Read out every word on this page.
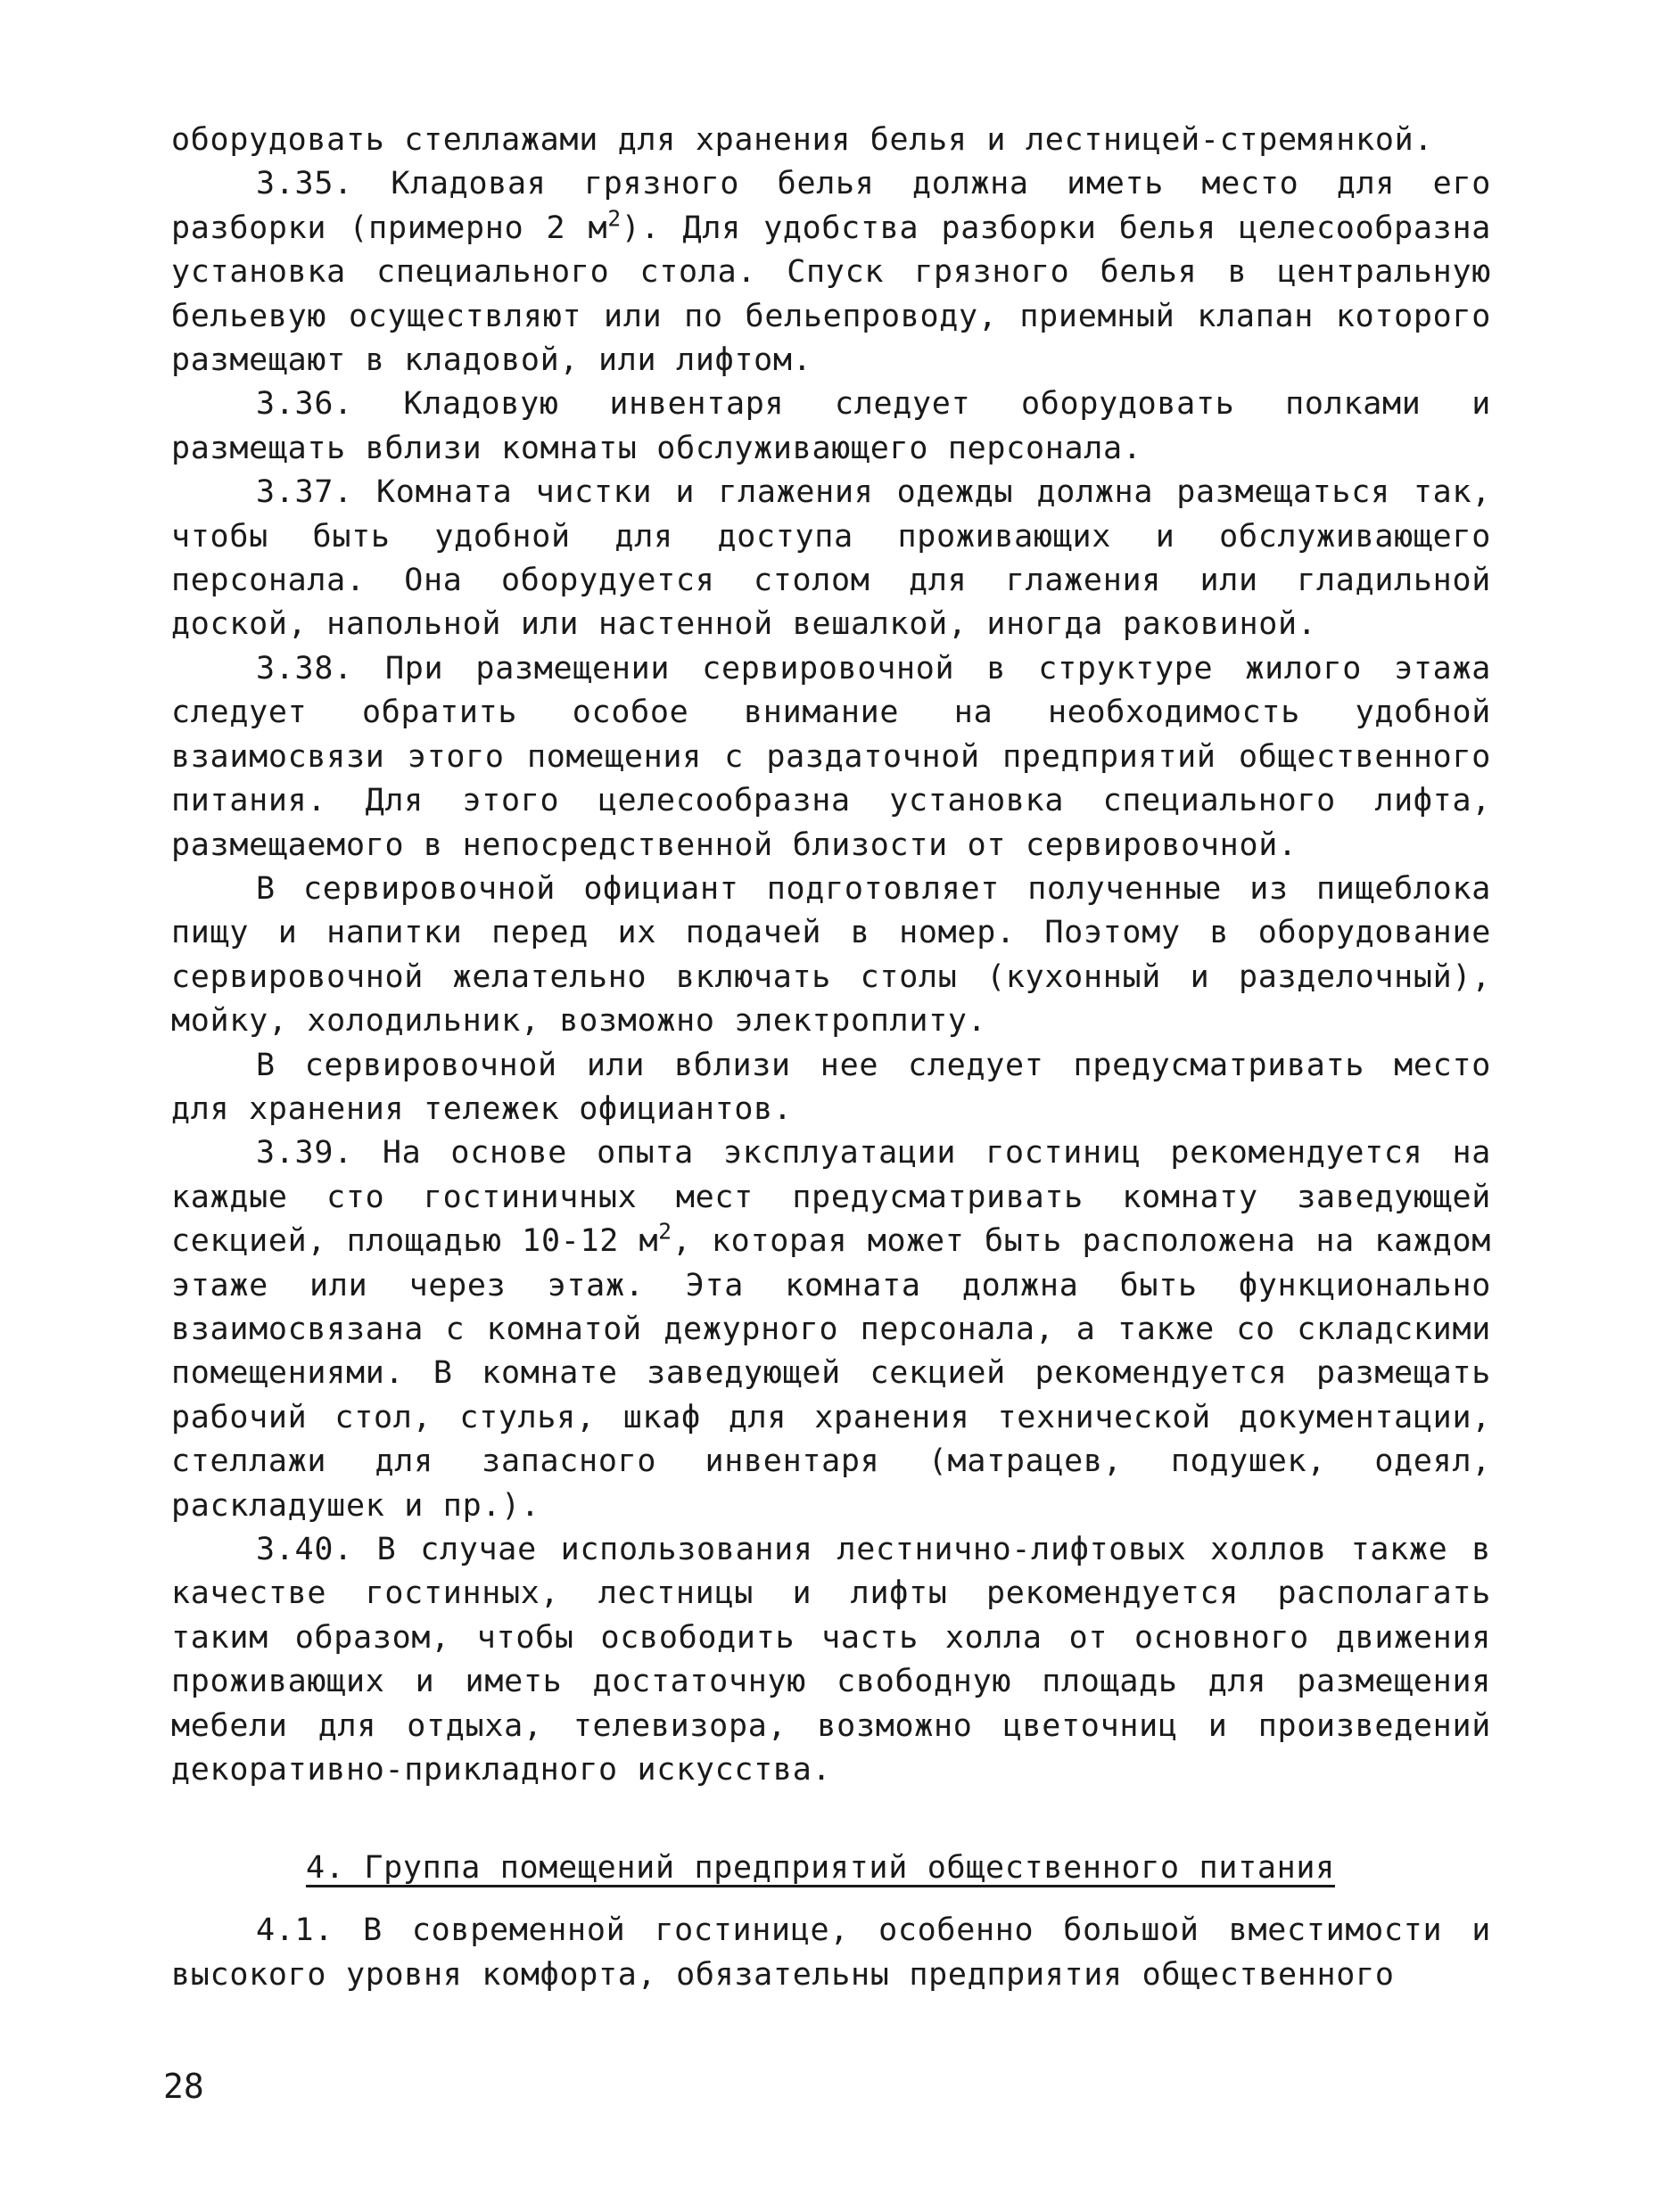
оборудовать стеллажами для хранения белья и лестницей-стремянкой.

3.35. Кладовая грязного белья должна иметь место для его разборки (примерно 2 $м^2$). Для удобства разборки белья целесообразна установка специального стола. Спуск грязного белья в центральную бельевую осуществляют или по бельепроводу, приемный клапан которого размещают в кладовой, или лифтом.

3.36. Кладовую инвентаря следует оборудовать полками и размещать вблизи комнаты обслуживающего персонала.

3.37. Комната чистки и глажения одежды должна размещаться так, чтобы быть удобной для доступа проживающих и обслуживающего персонала. Она оборудуется столом для глажения или гладильной доской, напольной или настенной вешалкой, иногда раковиной.

3.38. При размещении сервировочной в структуре жилого этажа следует обратить особое внимание на необходимость удобной взаимосвязи этого помещения с раздаточной предприятий общественного питания. Для этого целесообразна установка специального лифта, размещаемого в непосредственной близости от сервировочной.

В сервировочной официант подготовляет полученные из пищеблока пищу и напитки перед их подачей в номер. Поэтому в оборудование сервировочной желательно включать столы (кухонный и разделочный), мойку, холодильник, возможно электроплиту.

В сервировочной или вблизи нее следует предусматривать место для хранения тележек официантов.

3.39. На основе опыта эксплуатации гостиниц рекомендуется на каждые сто гостиничных мест предусматривать комнату заведующей секцией, площадью 10-12 $м^2$, которая может быть расположена на каждом этаже или через этаж. Эта комната должна быть функционально взаимосвязана с комнатой дежурного персонала, а также со складскими помещениями. В комнате заведующей секцией рекомендуется размещать рабочий стол, стулья, шкаф для хранения технической документации, стеллажи для запасного инвентаря (матрацев, подушек, одеял, раскладушек и пр.).

3.40. В случае использования лестнично-лифтовых холлов также в качестве гостинных, лестницы и лифты рекомендуется располагать таким образом, чтобы освободить часть холла от основного движения проживающих и иметь достаточную свободную площадь для размещения мебели для отдыха, телевизора, возможно цветочниц и произведений декоративно-прикладного искусства.

4. Группа помещений предприятий общественного питания

4.1. В современной гостинице, особенно большой вместимости и высокого уровня комфорта, обязательны предприятия общественного

28
